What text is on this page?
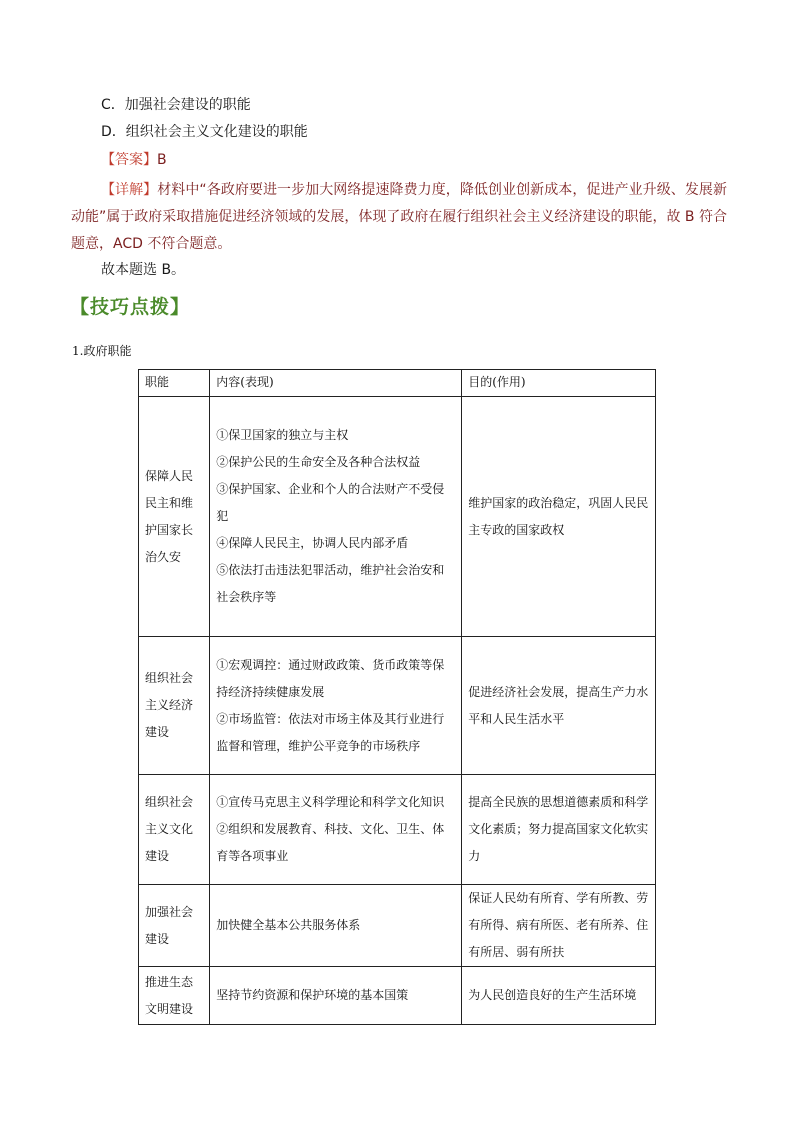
C．加强社会建设的职能
D．组织社会主义文化建设的职能
【答案】B
【详解】材料中“各政府要进一步加大网络提速降费力度，降低创业创新成本，促进产业升级、发展新动能”属于政府采取措施促进经济领域的发展，体现了政府在履行组织社会主义经济建设的职能，故 B 符合题意，ACD 不符合题意。
故本题选 B。
【技巧点拨】
1.政府职能
职能	内容(表现)	目的(作用)

保障人民民主和维护国家长治久安	①保卫国家的独立与主权
②保护公民的生命安全及各种合法权益
③保护国家、企业和个人的合法财产不受侵犯
④保障人民民主，协调人民内部矛盾
⑤依法打击违法犯罪活动，维护社会治安和社会秩序等	维护国家的政治稳定，巩固人民民主专政的国家政权

组织社会主义经济建设	①宏观调控：通过财政政策、货币政策等保持经济持续健康发展
②市场监管：依法对市场主体及其行业进行监督和管理，维护公平竞争的市场秩序	促进经济社会发展，提高生产力水平和人民生活水平

组织社会主义文化建设	①宣传马克思主义科学理论和科学文化知识
②组织和发展教育、科技、文化、卫生、体育等各项事业	提高全民族的思想道德素质和科学文化素质；努力提高国家文化软实力

加强社会建设	加快健全基本公共服务体系	保证人民幼有所育、学有所教、劳有所得、病有所医、老有所养、住有所居、弱有所扶

推进生态文明建设	坚持节约资源和保护环境的基本国策	为人民创造良好的生产生活环境
